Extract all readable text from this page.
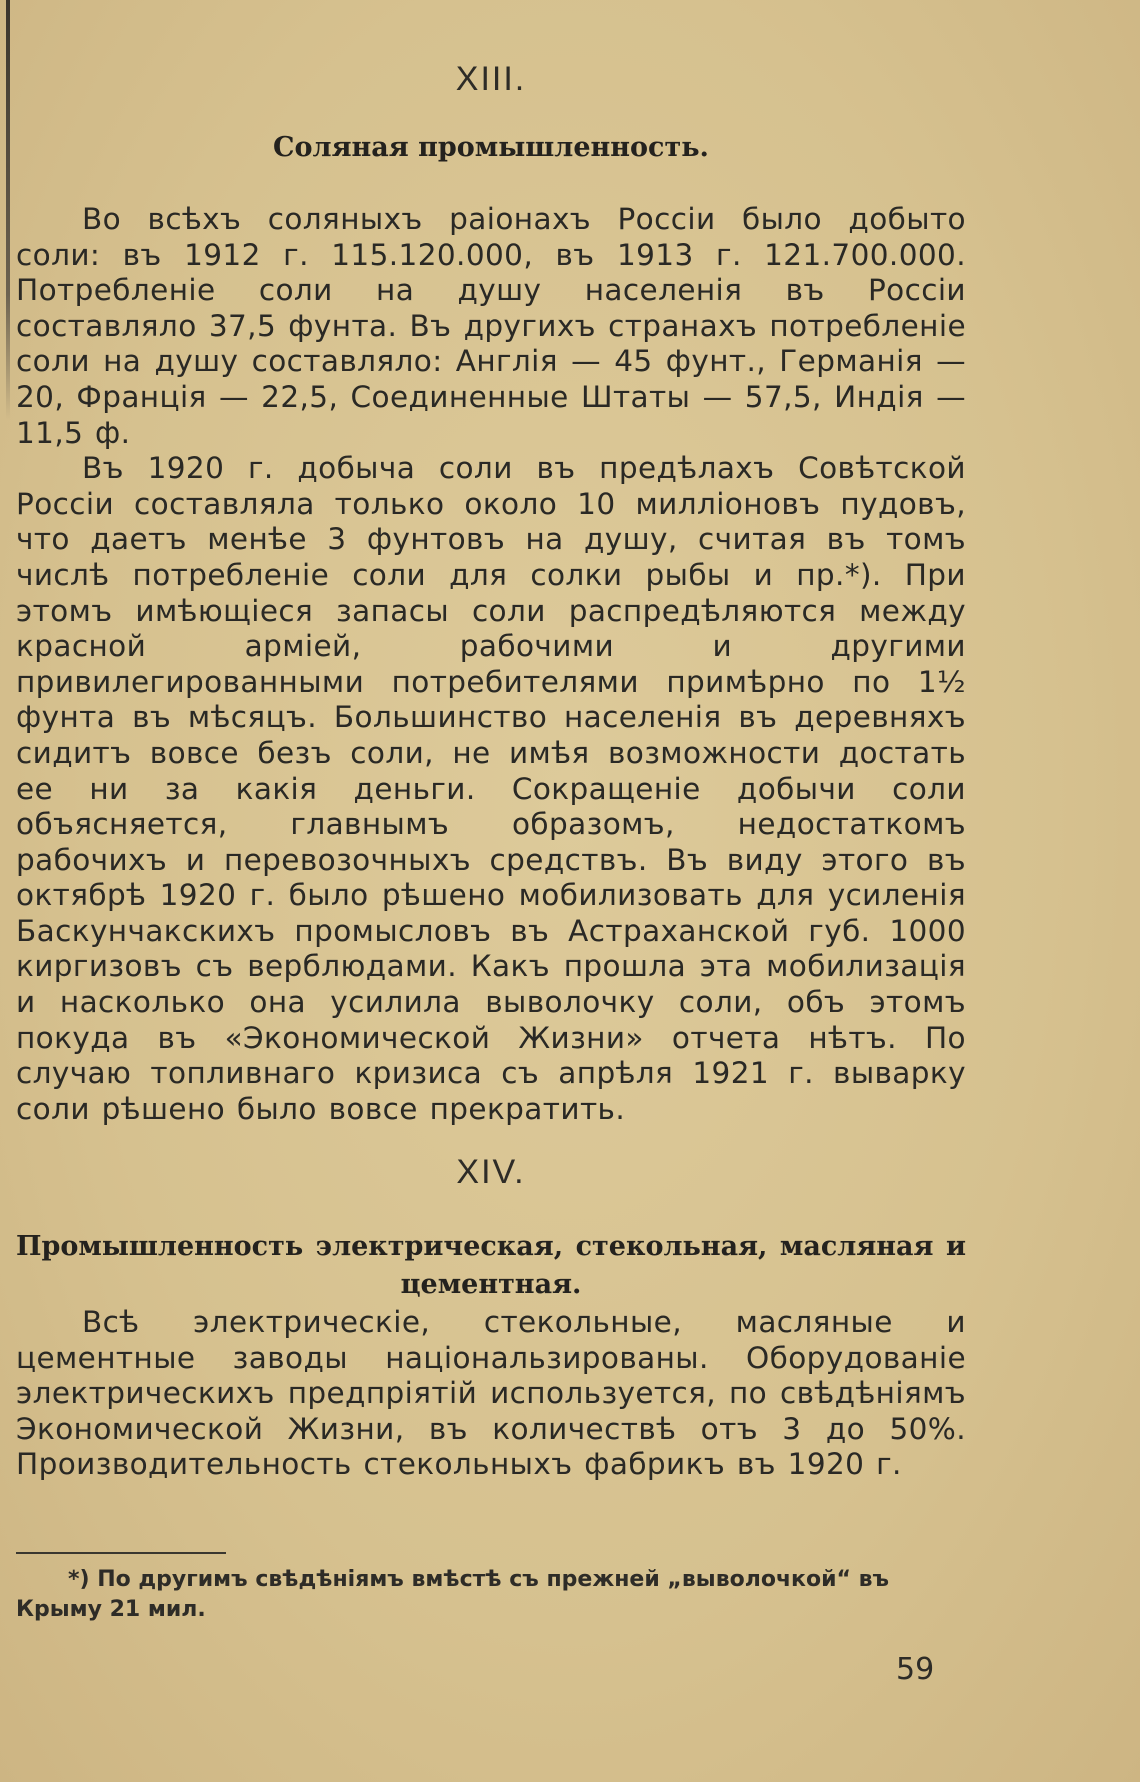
XIII.
Соляная промышленность.

Во всѣхъ соляныхъ раіонахъ Россіи было добыто соли: въ 1912 г. 115.120.000, въ 1913 г. 121.700.000. Потребленіе соли на душу населенія въ Россіи составляло 37,5 фунта. Въ другихъ странахъ потребленіе соли на душу составляло: Англія — 45 фунт., Германія — 20, Франція — 22,5, Соединенные Штаты — 57,5, Индія — 11,5 ф.

Въ 1920 г. добыча соли въ предѣлахъ Совѣтской Россіи составляла только около 10 милліоновъ пудовъ, что даетъ менѣе 3 фунтовъ на душу, считая въ томъ числѣ потребленіе соли для солки рыбы и пр.*). При этомъ имѣющіеся запасы соли распредѣляются между красной арміей, рабочими и другими привилегированными потребителями примѣрно по 1½ фунта въ мѣсяцъ. Большинство населенія въ деревняхъ сидитъ вовсе безъ соли, не имѣя возможности достать ее ни за какія деньги. Сокращеніе добычи соли объясняется, главнымъ образомъ, недостаткомъ рабочихъ и перевозочныхъ средствъ. Въ виду этого въ октябрѣ 1920 г. было рѣшено мобилизовать для усиленія Баскунчакскихъ промысловъ въ Астраханской губ. 1000 киргизовъ съ верблюдами. Какъ прошла эта мобилизація и насколько она усилила выволочку соли, объ этомъ покуда въ «Экономической Жизни» отчета нѣтъ. По случаю топливнаго кризиса съ апрѣля 1921 г. выварку соли рѣшено было вовсе прекратить.

XIV.
Промышленность электрическая, стекольная, масляная и цементная.

Всѣ электрическіе, стекольные, масляные и цементные заводы національзированы. Оборудованіе электрическихъ предпріятій используется, по свѣдѣніямъ Экономической Жизни, въ количествѣ отъ 3 до 50%. Производительность стекольныхъ фабрикъ въ 1920 г.

*) По другимъ свѣдѣніямъ вмѣстѣ съ прежней „выволочкой“ въ Крыму 21 мил.
59
